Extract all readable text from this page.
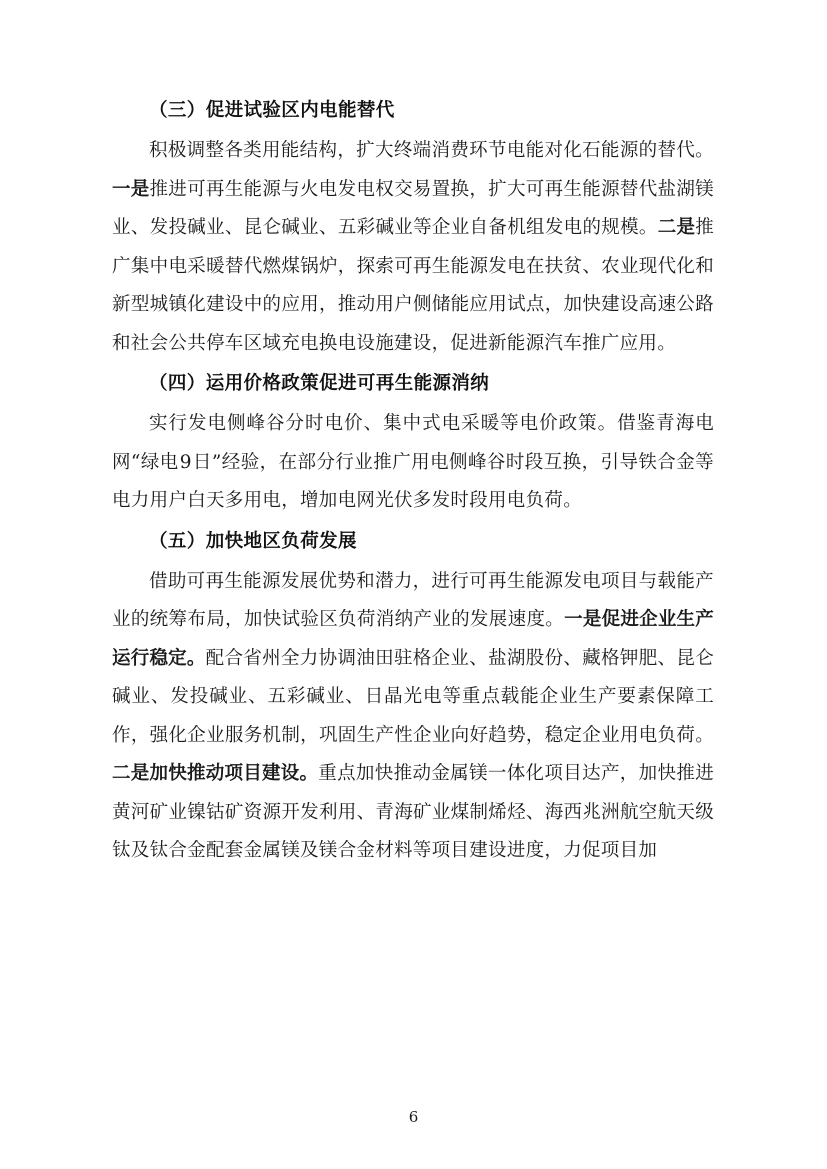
（三）促进试验区内电能替代

积极调整各类用能结构，扩大终端消费环节电能对化石能源的替代。一是推进可再生能源与火电发电权交易置换，扩大可再生能源替代盐湖镁业、发投碱业、昆仑碱业、五彩碱业等企业自备机组发电的规模。二是推广集中电采暖替代燃煤锅炉，探索可再生能源发电在扶贫、农业现代化和新型城镇化建设中的应用，推动用户侧储能应用试点，加快建设高速公路和社会公共停车区域充电换电设施建设，促进新能源汽车推广应用。

（四）运用价格政策促进可再生能源消纳

实行发电侧峰谷分时电价、集中式电采暖等电价政策。借鉴青海电网“绿电9日”经验，在部分行业推广用电侧峰谷时段互换，引导铁合金等电力用户白天多用电，增加电网光伏多发时段用电负荷。

（五）加快地区负荷发展

借助可再生能源发展优势和潜力，进行可再生能源发电项目与载能产业的统筹布局，加快试验区负荷消纳产业的发展速度。一是促进企业生产运行稳定。配合省州全力协调油田驻格企业、盐湖股份、藏格钾肥、昆仑碱业、发投碱业、五彩碱业、日晶光电等重点载能企业生产要素保障工作，强化企业服务机制，巩固生产性企业向好趋势，稳定企业用电负荷。二是加快推动项目建设。重点加快推动金属镁一体化项目达产，加快推进黄河矿业镍钴矿资源开发利用、青海矿业煤制烯烃、海西兆洲航空航天级钛及钛合金配套金属镁及镁合金材料等项目建设进度，力促项目加

6
